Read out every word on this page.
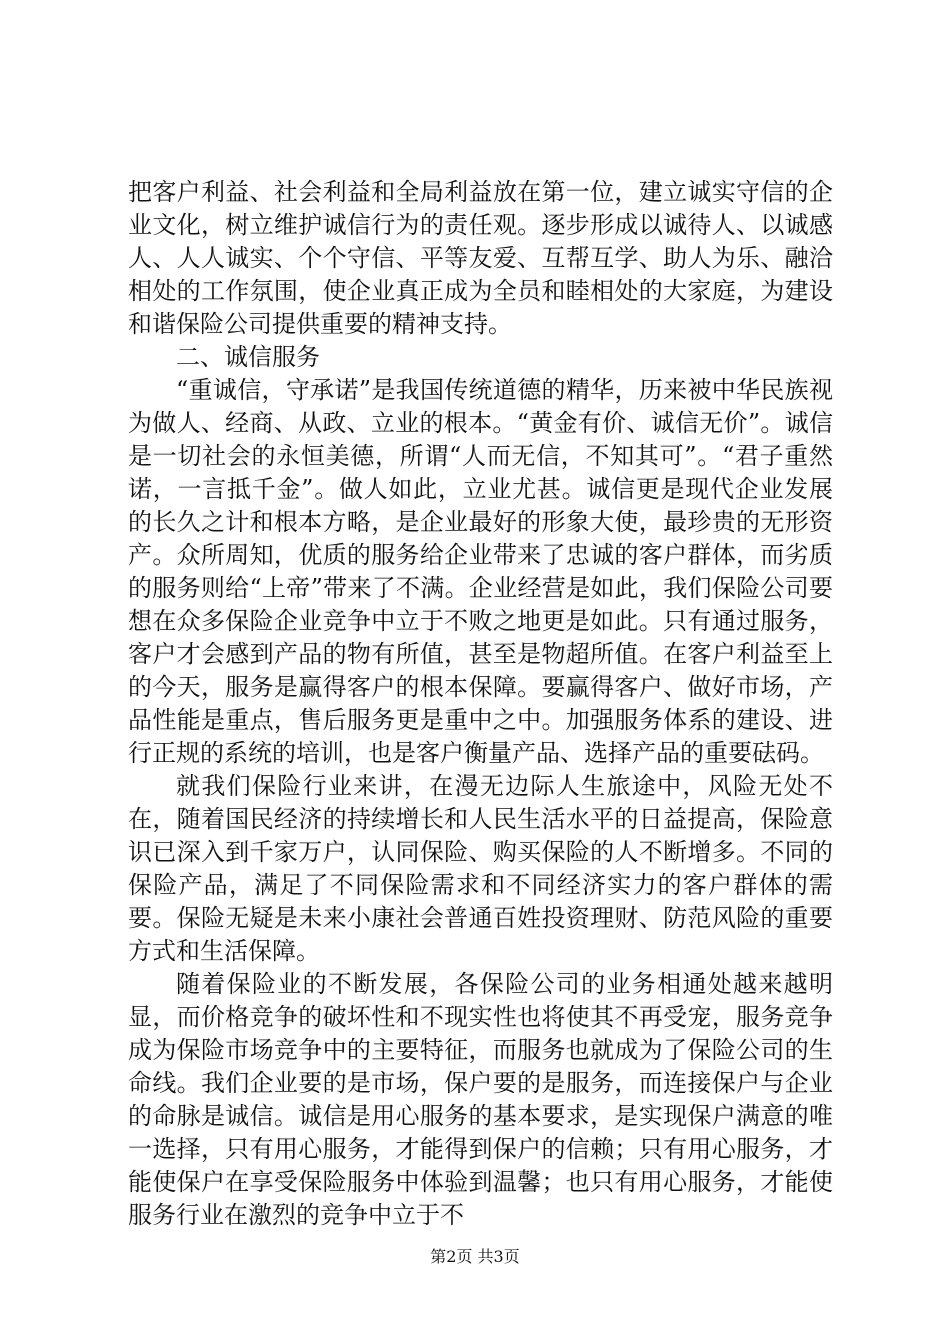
把客户利益、社会利益和全局利益放在第一位，建立诚实守信的企业文化，树立维护诚信行为的责任观。逐步形成以诚待人、以诚感人、人人诚实、个个守信、平等友爱、互帮互学、助人为乐、融洽相处的工作氛围，使企业真正成为全员和睦相处的大家庭，为建设和谐保险公司提供重要的精神支持。

二、诚信服务

“重诚信，守承诺”是我国传统道德的精华，历来被中华民族视为做人、经商、从政、立业的根本。“黄金有价、诚信无价”。诚信是一切社会的永恒美德，所谓“人而无信，不知其可”。“君子重然诺，一言抵千金”。做人如此，立业尤甚。诚信更是现代企业发展的长久之计和根本方略，是企业最好的形象大使，最珍贵的无形资产。众所周知，优质的服务给企业带来了忠诚的客户群体，而劣质的服务则给“上帝”带来了不满。企业经营是如此，我们保险公司要想在众多保险企业竞争中立于不败之地更是如此。只有通过服务，客户才会感到产品的物有所值，甚至是物超所值。在客户利益至上的今天，服务是赢得客户的根本保障。要赢得客户、做好市场，产品性能是重点，售后服务更是重中之中。加强服务体系的建设、进行正规的系统的培训，也是客户衡量产品、选择产品的重要砝码。

就我们保险行业来讲，在漫无边际人生旅途中，风险无处不在，随着国民经济的持续增长和人民生活水平的日益提高，保险意识已深入到千家万户，认同保险、购买保险的人不断增多。不同的保险产品，满足了不同保险需求和不同经济实力的客户群体的需要。保险无疑是未来小康社会普通百姓投资理财、防范风险的重要方式和生活保障。

随着保险业的不断发展，各保险公司的业务相通处越来越明显，而价格竞争的破坏性和不现实性也将使其不再受宠，服务竞争成为保险市场竞争中的主要特征，而服务也就成为了保险公司的生命线。我们企业要的是市场，保户要的是服务，而连接保户与企业的命脉是诚信。诚信是用心服务的基本要求，是实现保户满意的唯一选择，只有用心服务，才能得到保户的信赖；只有用心服务，才能使保户在享受保险服务中体验到温馨；也只有用心服务，才能使服务行业在激烈的竞争中立于不

第2页 共3页
